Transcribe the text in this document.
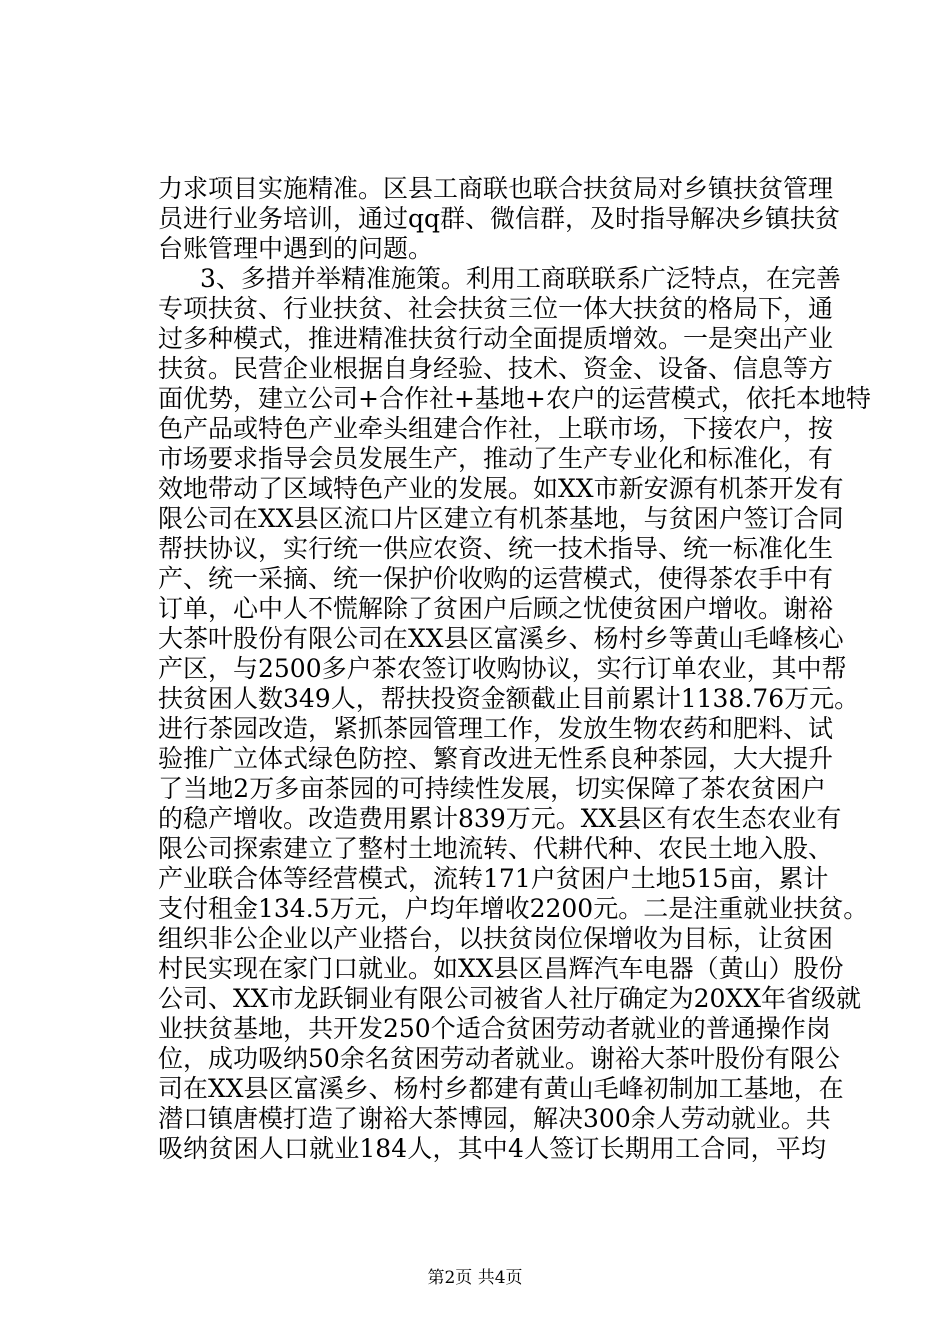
力求项目实施精准。区县工商联也联合扶贫局对乡镇扶贫管理
员进行业务培训，通过qq群、微信群，及时指导解决乡镇扶贫
台账管理中遇到的问题。
3、多措并举精准施策。利用工商联联系广泛特点，在完善
专项扶贫、行业扶贫、社会扶贫三位一体大扶贫的格局下，通
过多种模式，推进精准扶贫行动全面提质增效。一是突出产业
扶贫。民营企业根据自身经验、技术、资金、设备、信息等方
面优势，建立公司+合作社+基地+农户的运营模式，依托本地特
色产品或特色产业牵头组建合作社，上联市场，下接农户，按
市场要求指导会员发展生产，推动了生产专业化和标准化，有
效地带动了区域特色产业的发展。如XX市新安源有机茶开发有
限公司在XX县区流口片区建立有机茶基地，与贫困户签订合同
帮扶协议，实行统一供应农资、统一技术指导、统一标准化生
产、统一采摘、统一保护价收购的运营模式，使得茶农手中有
订单，心中人不慌解除了贫困户后顾之忧使贫困户增收。谢裕
大茶叶股份有限公司在XX县区富溪乡、杨村乡等黄山毛峰核心
产区，与2500多户茶农签订收购协议，实行订单农业，其中帮
扶贫困人数349人，帮扶投资金额截止目前累计1138.76万元。
进行茶园改造，紧抓茶园管理工作，发放生物农药和肥料、试
验推广立体式绿色防控、繁育改进无性系良种茶园，大大提升
了当地2万多亩茶园的可持续性发展，切实保障了茶农贫困户
的稳产增收。改造费用累计839万元。XX县区有农生态农业有
限公司探索建立了整村土地流转、代耕代种、农民土地入股、
产业联合体等经营模式，流转171户贫困户土地515亩，累计
支付租金134.5万元，户均年增收2200元。二是注重就业扶贫。
组织非公企业以产业搭台，以扶贫岗位保增收为目标，让贫困
村民实现在家门口就业。如XX县区昌辉汽车电器（黄山）股份
公司、XX市龙跃铜业有限公司被省人社厅确定为20XX年省级就
业扶贫基地，共开发250个适合贫困劳动者就业的普通操作岗
位，成功吸纳50余名贫困劳动者就业。谢裕大茶叶股份有限公
司在XX县区富溪乡、杨村乡都建有黄山毛峰初制加工基地，在
潜口镇唐模打造了谢裕大茶博园，解决300余人劳动就业。共
吸纳贫困人口就业184人，其中4人签订长期用工合同，平均
第2页 共4页
